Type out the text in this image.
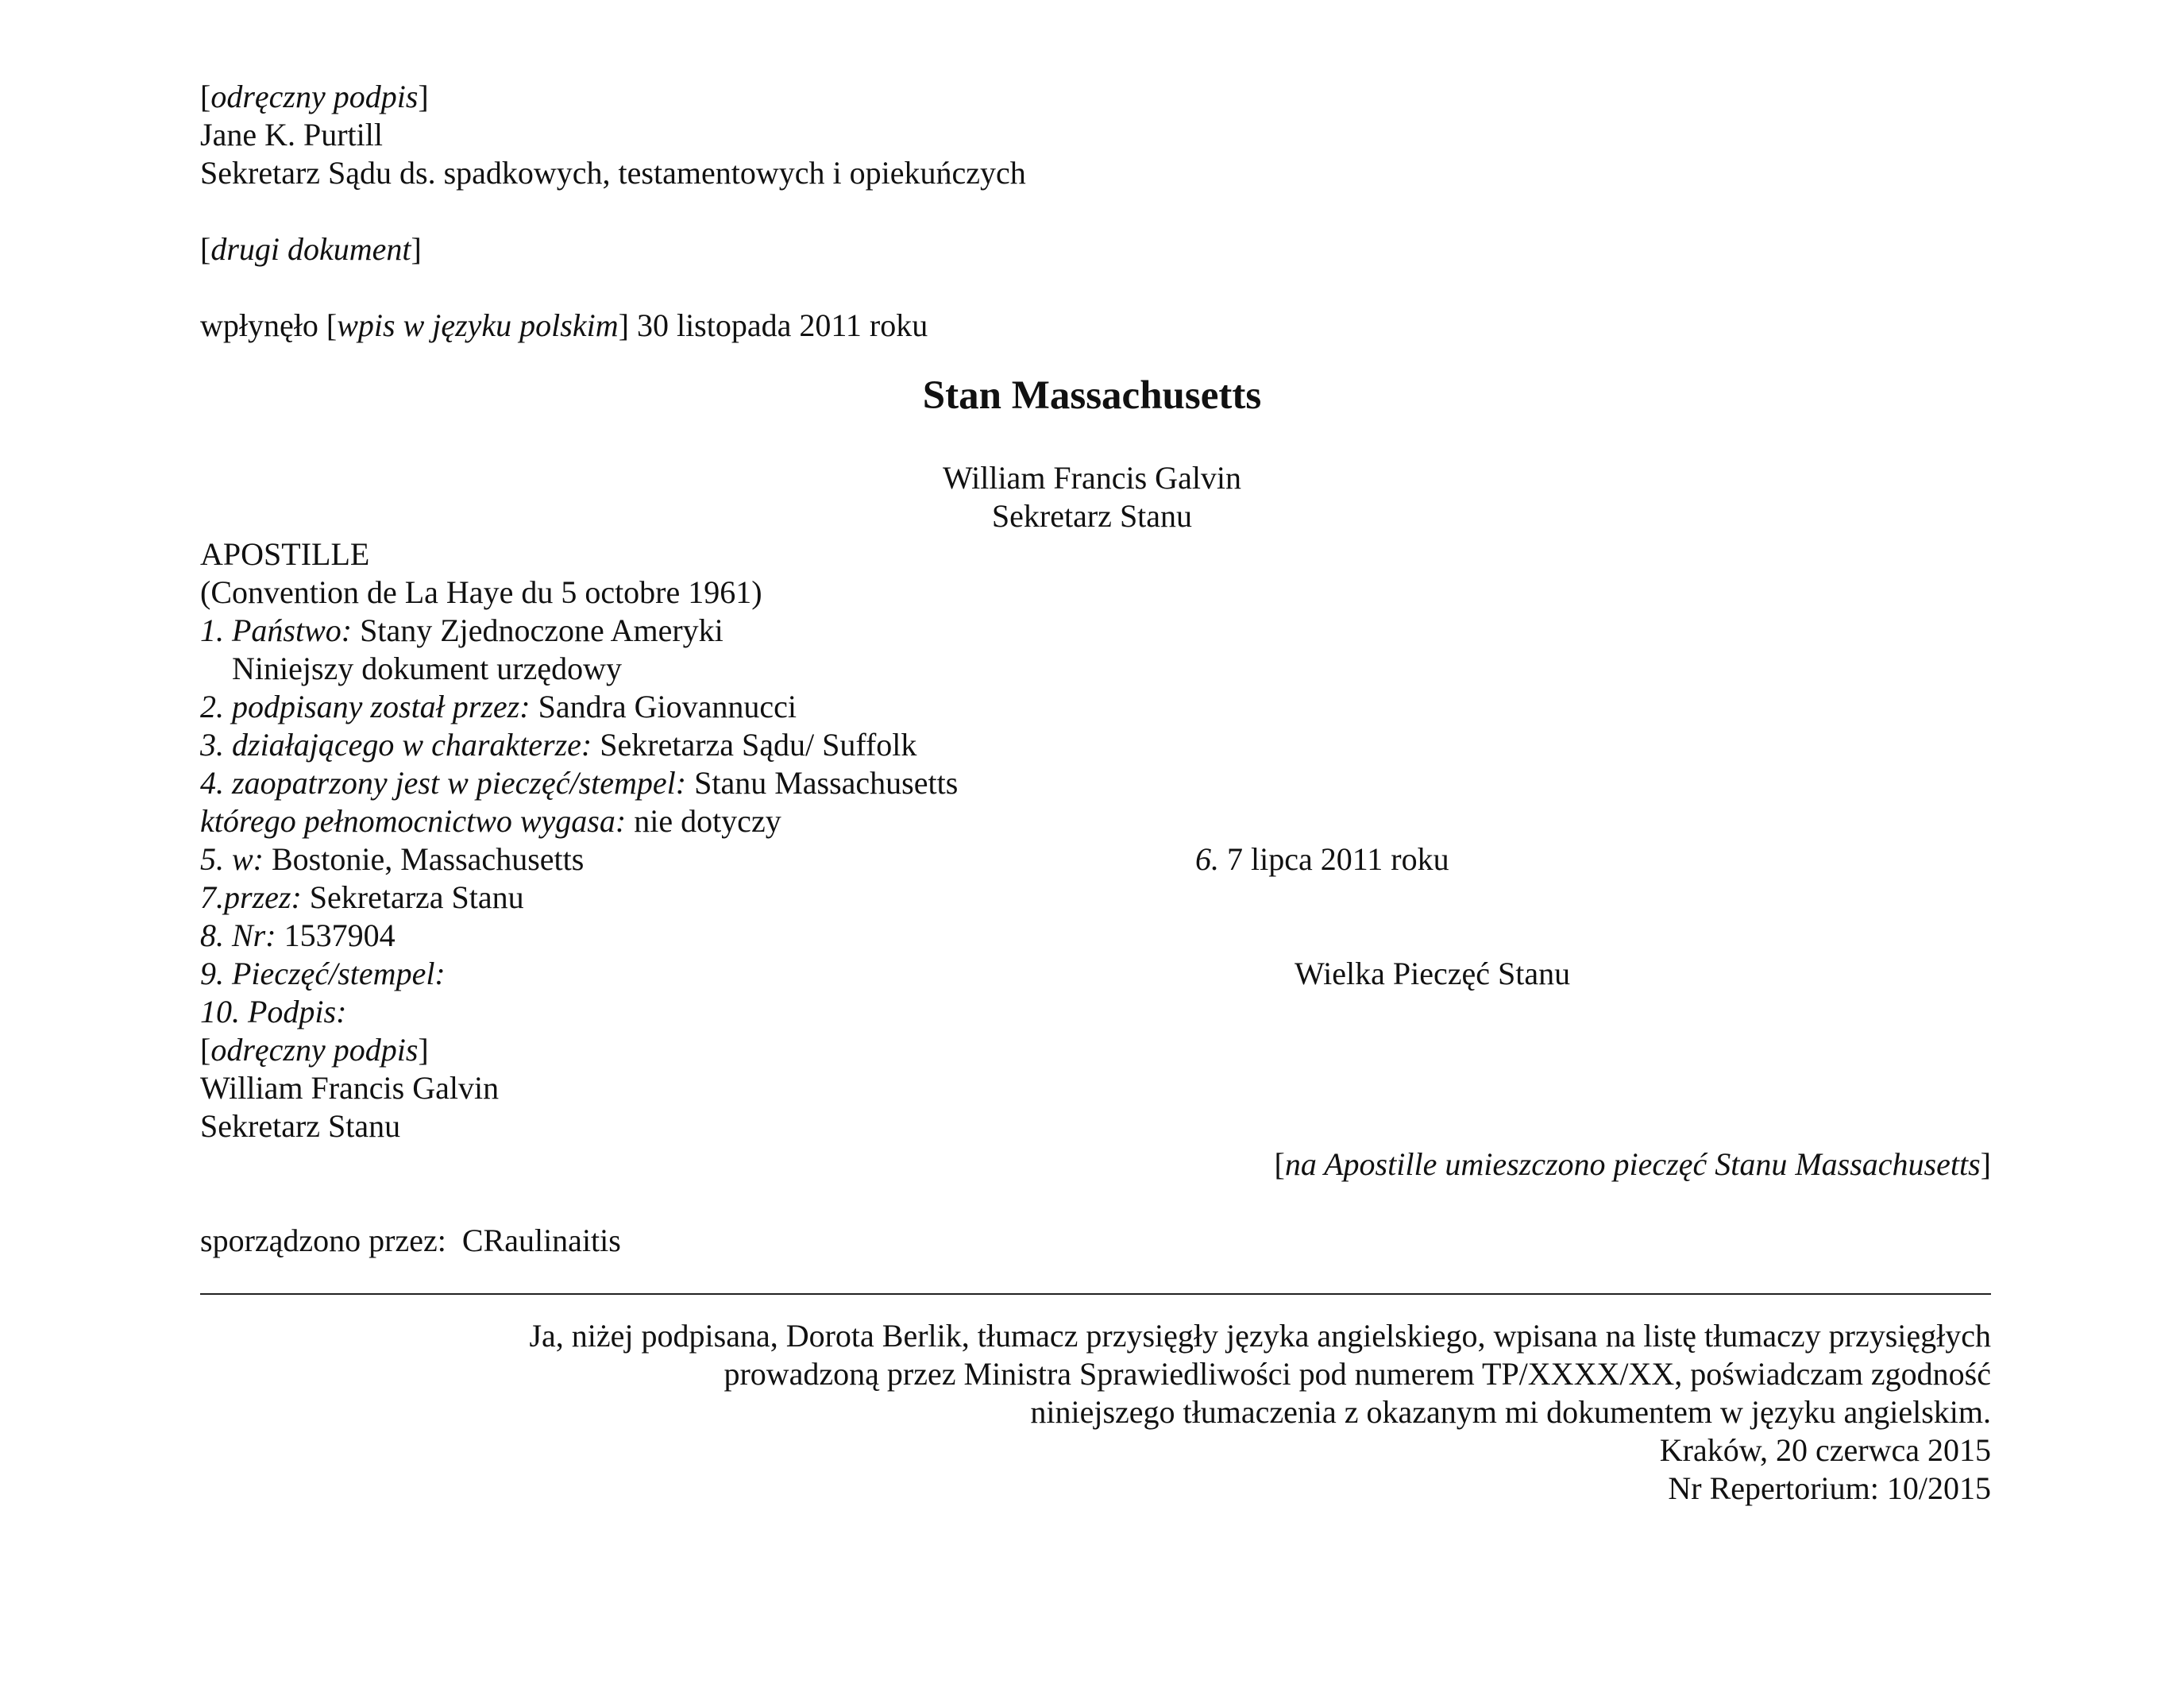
[odręczny podpis]
Jane K. Purtill
Sekretarz Sądu ds. spadkowych, testamentowych i opiekuńczych
[drugi dokument]
wpłynęło [wpis w języku polskim] 30 listopada 2011 roku
Stan Massachusetts
William Francis Galvin
Sekretarz Stanu
APOSTILLE
(Convention de La Haye du 5 octobre 1961)
1. Państwo: Stany Zjednoczone Ameryki
Niniejszy dokument urzędowy
2. podpisany został przez: Sandra Giovannucci
3. działającego w charakterze: Sekretarza Sądu/ Suffolk
4. zaopatrzony jest w pieczęć/stempel: Stanu Massachusetts
którego pełnomocnictwo wygasa: nie dotyczy
5. w: Bostonie, Massachusetts	6. 7 lipca 2011 roku
7.przez: Sekretarza Stanu
8. Nr: 1537904
9. Pieczęć/stempel:	Wielka Pieczęć Stanu
10. Podpis:
[odręczny podpis]
William Francis Galvin
Sekretarz Stanu
[na Apostille umieszczono pieczęć Stanu Massachusetts]
sporządzono przez:  CRaulinaitis
Ja, niżej podpisana, Dorota Berlik, tłumacz przysięgły języka angielskiego, wpisana na listę tłumaczy przysięgłych
prowadzoną przez Ministra Sprawiedliwości pod numerem TP/XXXX/XX, poświadczam zgodność
niniejszego tłumaczenia z okazanym mi dokumentem w języku angielskim.
Kraków, 20 czerwca 2015
Nr Repertorium: 10/2015
